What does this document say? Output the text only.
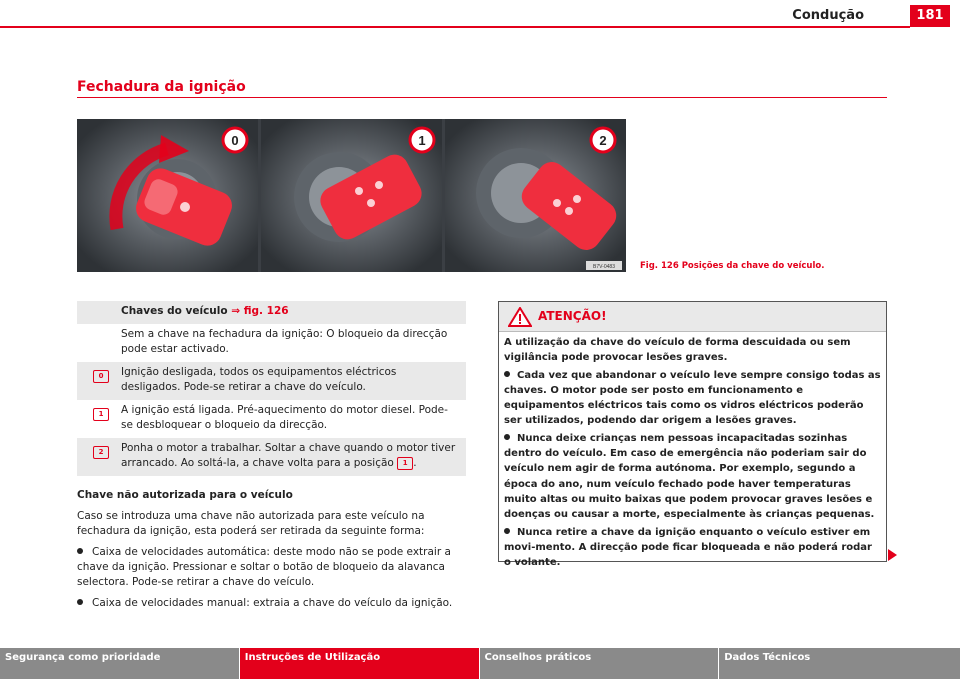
Condução	181
Fechadura da ignição
0	1	2
B7V-0483	Fig. 126 Posições da chave do veículo.
Chaves do veículo ⇒ fig. 126
Sem a chave na fechadura da ignição: O bloqueio da direcção pode estar activado.
0	Ignição desligada, todos os equipamentos eléctricos desligados. Pode-se retirar a chave do veículo.
1	A ignição está ligada. Pré-aquecimento do motor diesel. Pode-se desbloquear o bloqueio da direcção.
2	Ponha o motor a trabalhar. Soltar a chave quando o motor tiver arrancado. Ao soltá-la, a chave volta para a posição 1 .

Chave não autorizada para o veículo

Caso se introduza uma chave não autorizada para este veículo na fechadura da ignição, esta poderá ser retirada da seguinte forma:

Caixa de velocidades automática: deste modo não se pode extrair a chave da ignição. Pressionar e soltar o botão de bloqueio da alavanca selectora. Pode-se retirar a chave do veículo.

Caixa de velocidades manual: extraia a chave do veículo da ignição.

ATENÇÃO!

A utilização da chave do veículo de forma descuidada ou sem vigilância pode provocar lesões graves.

Cada vez que abandonar o veículo leve sempre consigo todas as chaves. O motor pode ser posto em funcionamento e equipamentos eléctricos tais como os vidros eléctricos poderão ser utilizados, podendo dar origem a lesões graves.

Nunca deixe crianças nem pessoas incapacitadas sozinhas dentro do veículo. Em caso de emergência não poderiam sair do veículo nem agir de forma autónoma. Por exemplo, segundo a época do ano, num veículo fechado pode haver temperaturas muito altas ou muito baixas que podem provocar graves lesões e doenças ou causar a morte, especialmente às crianças pequenas.

Nunca retire a chave da ignição enquanto o veículo estiver em movi-mento. A direcção pode ficar bloqueada e não poderá rodar o volante.

Segurança como prioridade	Instruções de Utilização	Conselhos práticos	Dados Técnicos
